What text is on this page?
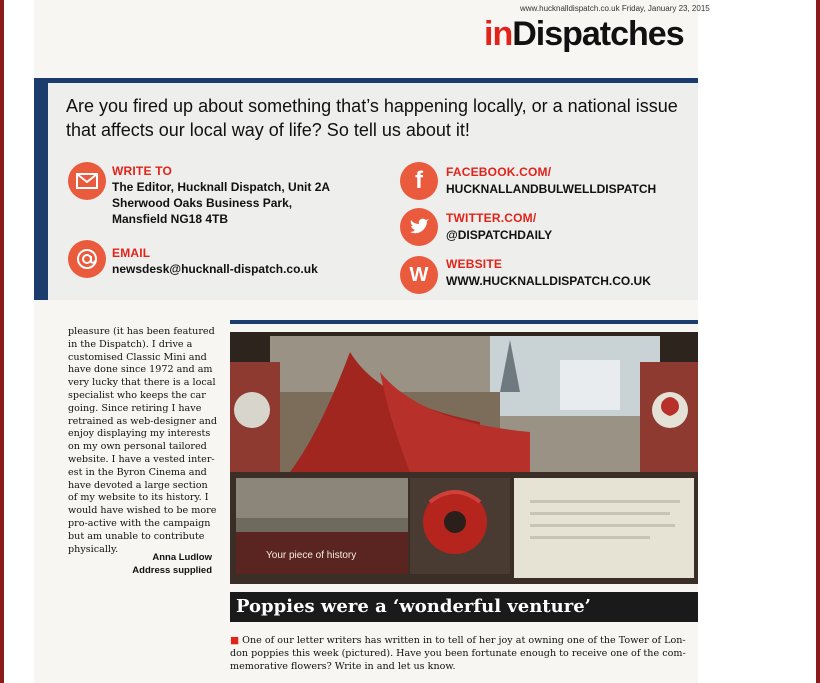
www.hucknalldispatch.co.uk Friday, January 23, 2015
inDispatches
Are you fired up about something that’s happening locally, or a national issue that affects our local way of life? So tell us about it!
WRITE TO
The Editor, Hucknall Dispatch, Unit 2A
Sherwood Oaks Business Park,
Mansfield NG18 4TB
EMAIL
newsdesk@hucknall-dispatch.co.uk
f	FACEBOOK.COM/
HUCKNALLANDBULWELLDISPATCH
TWITTER.COM/
@DISPATCHDAILY
W	WEBSITE
WWW.HUCKNALLDISPATCH.CO.UK

pleasure (it has been featured

in the Dispatch). I drive a

customised Classic Mini and

have done since 1972 and am

very lucky that there is a local

specialist who keeps the car

going. Since retiring I have

retrained as web-designer and

enjoy displaying my interests

on my own personal tailored

website. I have a vested inter-

est in the Byron Cinema and

have devoted a large section

of my website to its history. I

would have wished to be more

pro-active with the campaign

but am unable to contribute

physically.

Anna Ludlow
Address supplied
Your piece of history
Poppies were a ‘wonderful venture’
■ One of our letter writers has written in to tell of her joy at owning one of the Tower of Lon-
don poppies this week (pictured). Have you been fortunate enough to receive one of the com-
memorative flowers? Write in and let us know.
